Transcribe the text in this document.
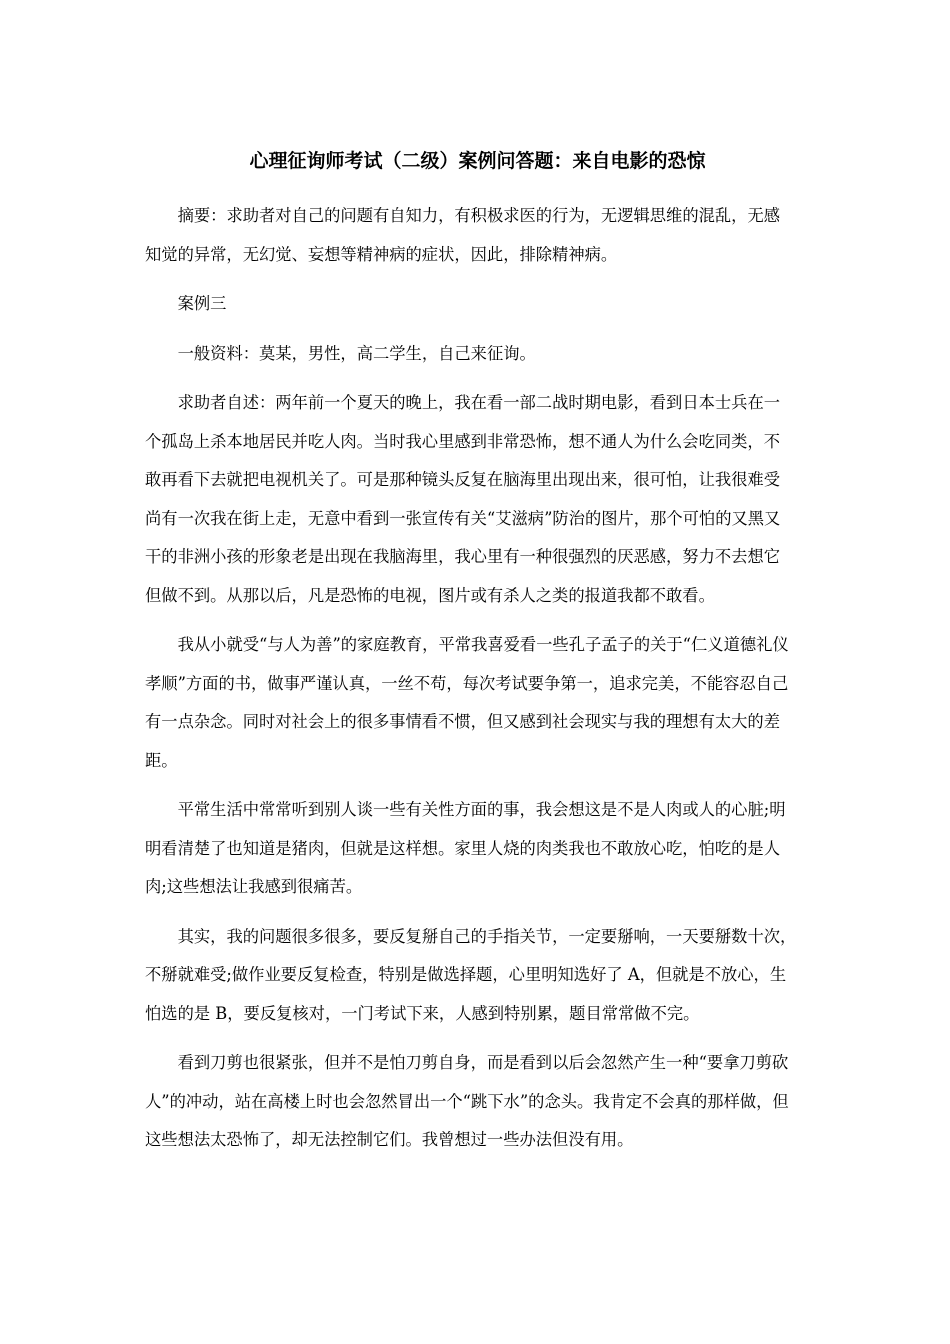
心理征询师考试（二级）案例问答题：来自电影的恐惊
摘要：求助者对自己的问题有自知力，有积极求医的行为，无逻辑思维的混乱，无感
知觉的异常，无幻觉、妄想等精神病的症状，因此，排除精神病。
案例三
一般资料：莫某，男性，高二学生，自己来征询。
求助者自述：两年前一个夏天的晚上，我在看一部二战时期电影，看到日本士兵在一
个孤岛上杀本地居民并吃人肉。当时我心里感到非常恐怖，想不通人为什么会吃同类，不
敢再看下去就把电视机关了。可是那种镜头反复在脑海里出现出来，很可怕，让我很难受
尚有一次我在街上走，无意中看到一张宣传有关“艾滋病”防治的图片，那个可怕的又黑又
干的非洲小孩的形象老是出现在我脑海里，我心里有一种很强烈的厌恶感，努力不去想它
但做不到。从那以后，凡是恐怖的电视，图片或有杀人之类的报道我都不敢看。
我从小就受“与人为善”的家庭教育，平常我喜爱看一些孔子孟子的关于“仁义道德礼仪
孝顺”方面的书，做事严谨认真，一丝不苟，每次考试要争第一，追求完美，不能容忍自己
有一点杂念。同时对社会上的很多事情看不惯，但又感到社会现实与我的理想有太大的差
距。
平常生活中常常听到别人谈一些有关性方面的事，我会想这是不是人肉或人的心脏;明
明看清楚了也知道是猪肉，但就是这样想。家里人烧的肉类我也不敢放心吃，怕吃的是人
肉;这些想法让我感到很痛苦。
其实，我的问题很多很多，要反复掰自己的手指关节，一定要掰响，一天要掰数十次，
不掰就难受;做作业要反复检查，特别是做选择题，心里明知选好了 A，但就是不放心，生
怕选的是 B，要反复核对，一门考试下来，人感到特别累，题目常常做不完。
看到刀剪也很紧张，但并不是怕刀剪自身，而是看到以后会忽然产生一种“要拿刀剪砍
人”的冲动，站在高楼上时也会忽然冒出一个“跳下水”的念头。我肯定不会真的那样做，但
这些想法太恐怖了，却无法控制它们。我曾想过一些办法但没有用。
